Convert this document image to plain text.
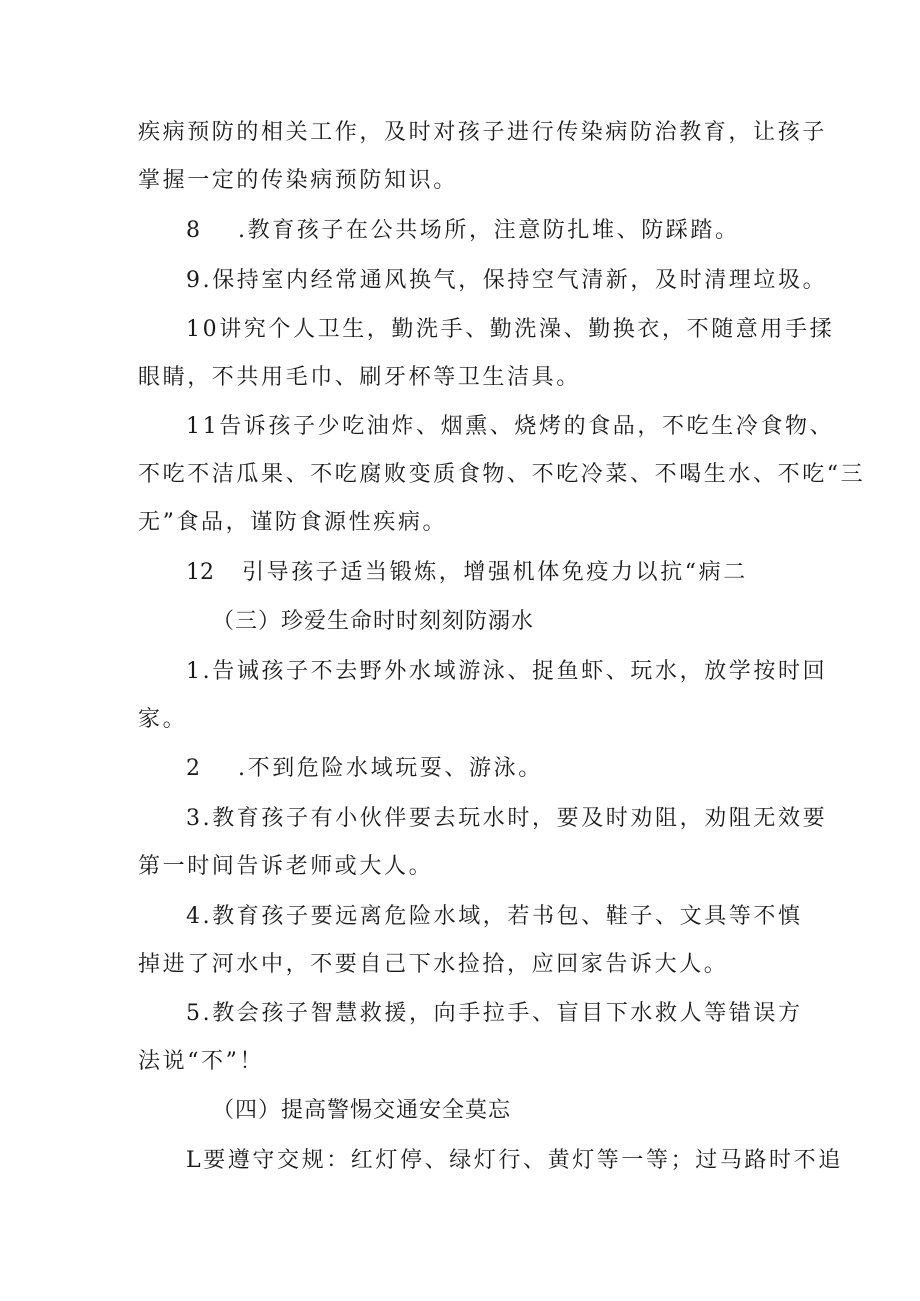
疾病预防的相关工作，及时对孩子进行传染病防治教育，让孩子
掌握一定的传染病预防知识。
8 .教育孩子在公共场所，注意防扎堆、防踩踏。
9.保持室内经常通风换气，保持空气清新，及时清理垃圾。
10讲究个人卫生，勤洗手、勤洗澡、勤换衣，不随意用手揉
眼睛，不共用毛巾、刷牙杯等卫生洁具。
11告诉孩子少吃油炸、烟熏、烧烤的食品，不吃生冷食物、
不吃不洁瓜果、不吃腐败变质食物、不吃冷菜、不喝生水、不吃“三
无”食品，谨防食源性疾病。
12 引导孩子适当锻炼，增强机体免疫力以抗“病二
（三）珍爱生命时时刻刻防溺水
1.告诫孩子不去野外水域游泳、捉鱼虾、玩水，放学按时回
家。
2 .不到危险水域玩耍、游泳。
3.教育孩子有小伙伴要去玩水时，要及时劝阻，劝阻无效要
第一时间告诉老师或大人。
4.教育孩子要远离危险水域，若书包、鞋子、文具等不慎
掉进了河水中，不要自己下水捡拾，应回家告诉大人。
5.教会孩子智慧救援，向手拉手、盲目下水救人等错误方
法说“不”！
（四）提高警惕交通安全莫忘
L要遵守交规：红灯停、绿灯行、黄灯等一等；过马路时不追
